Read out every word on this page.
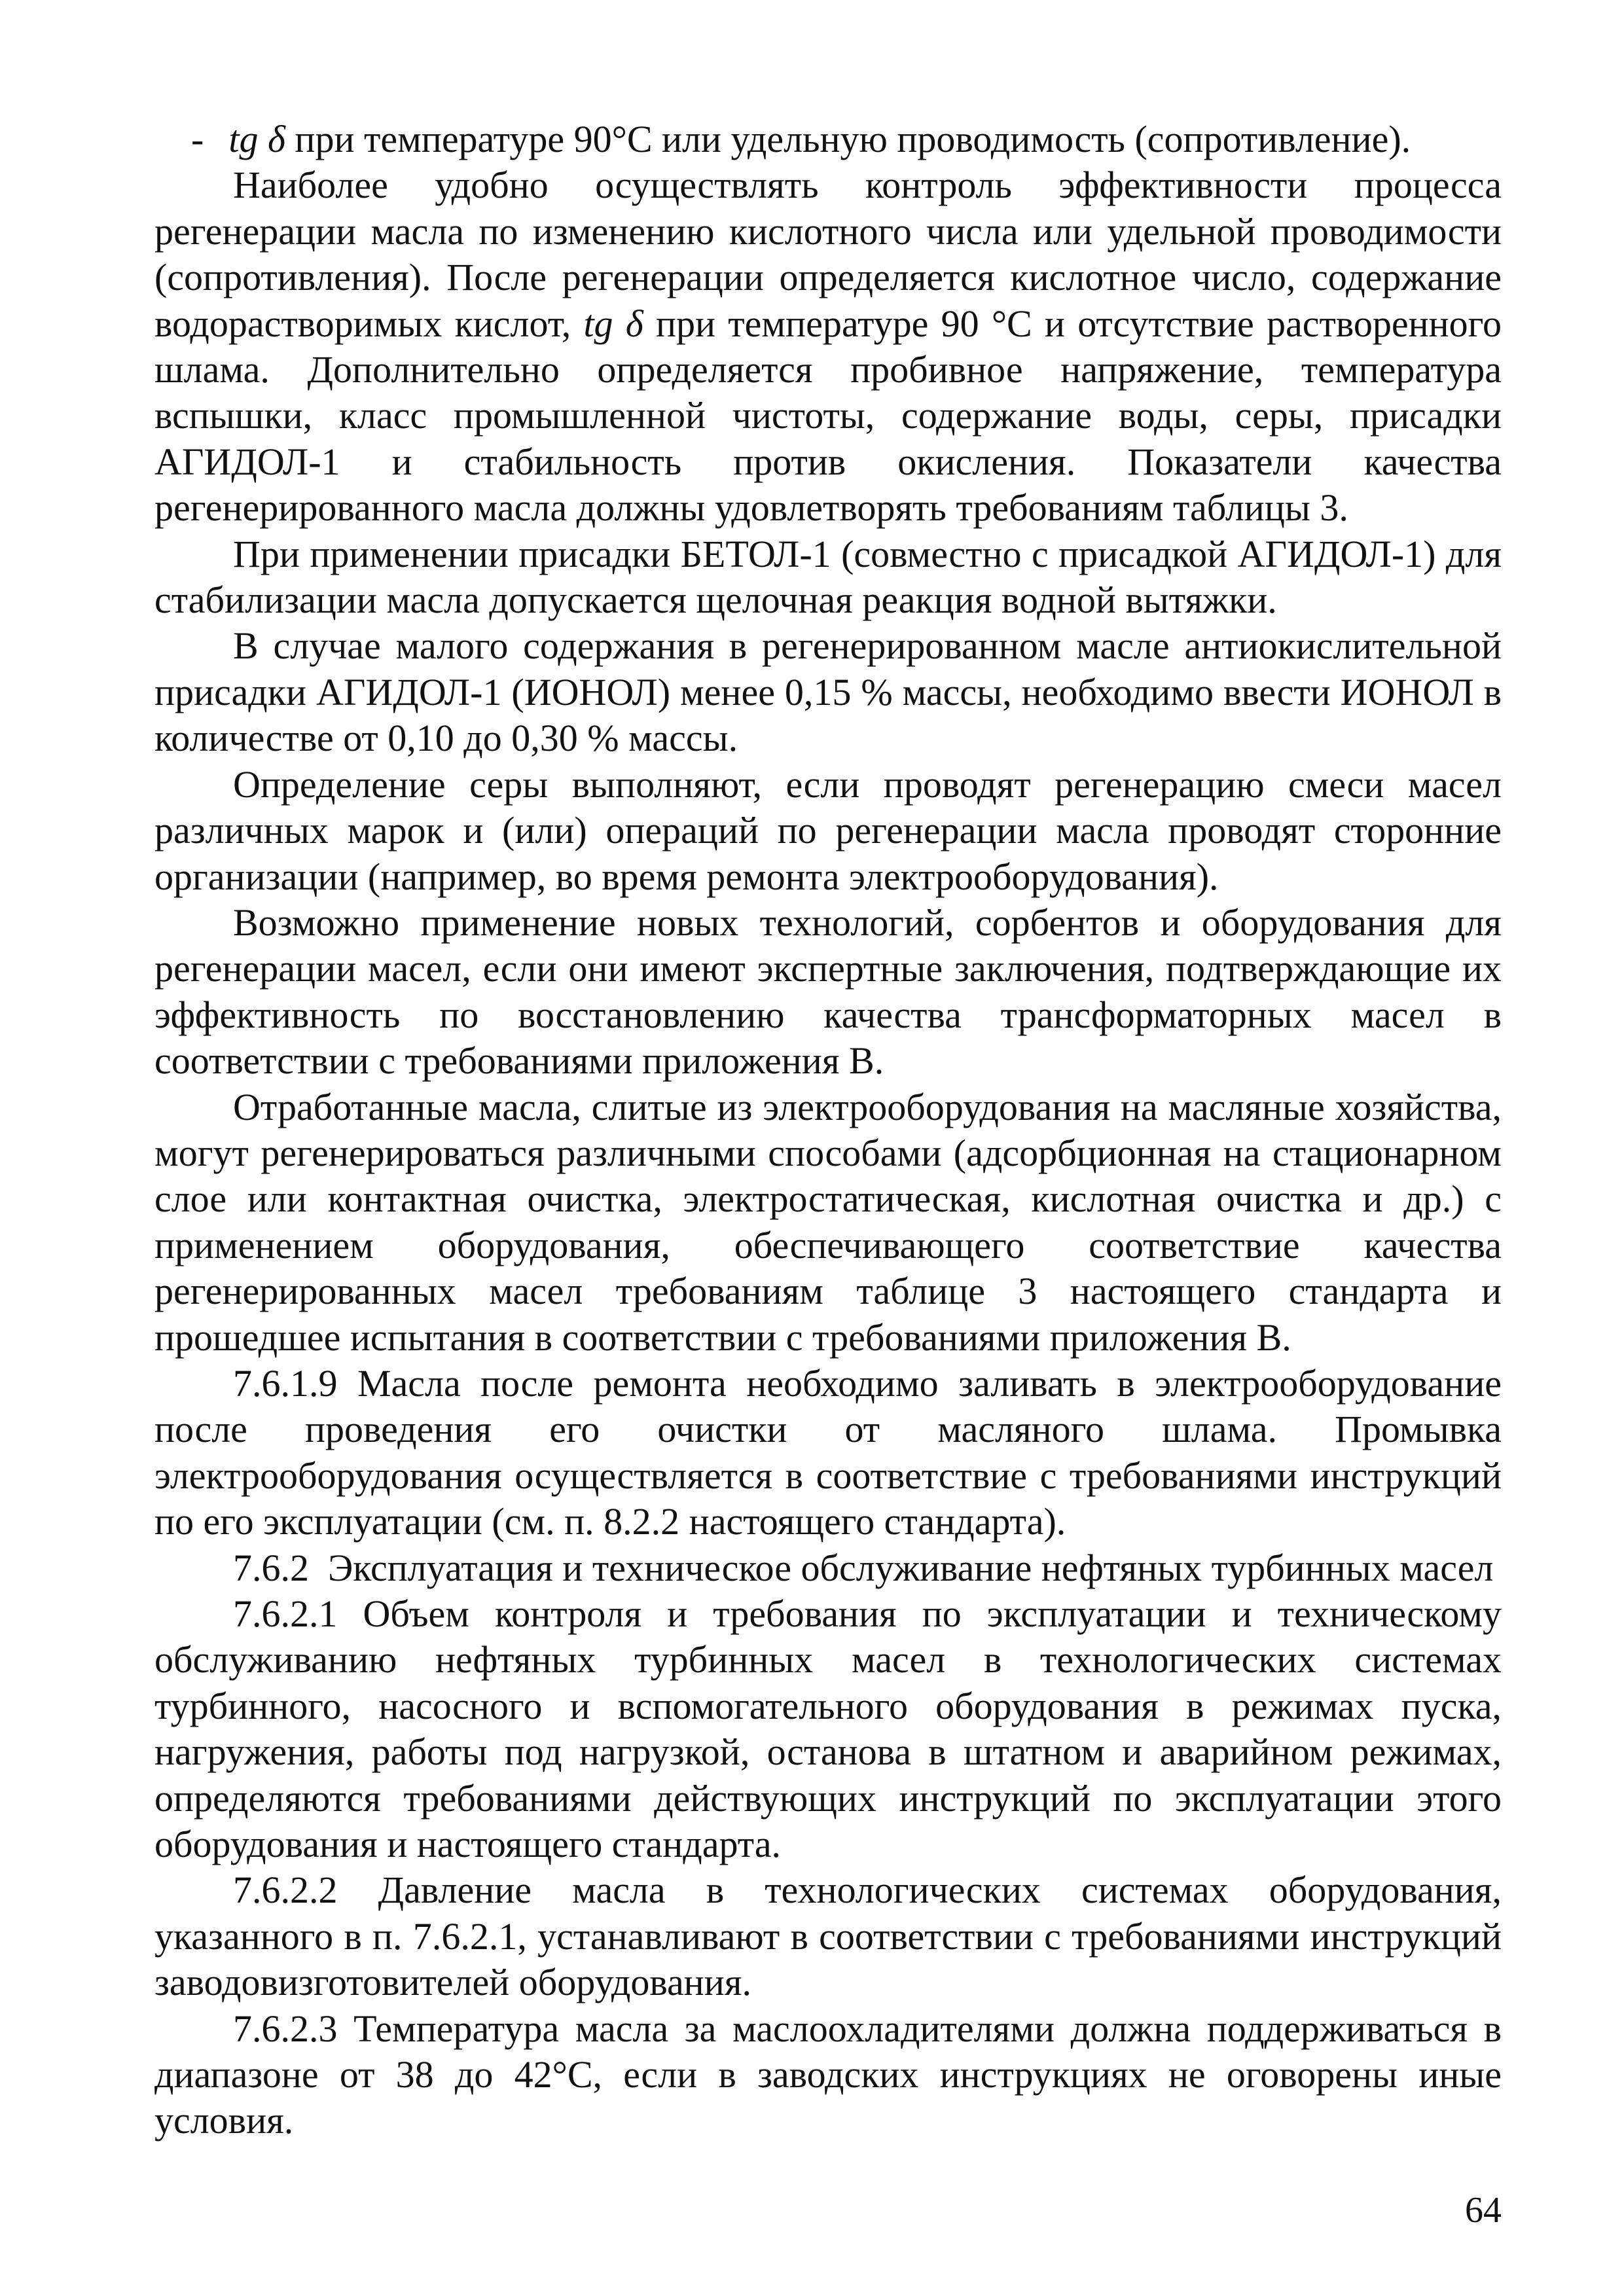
- tg δ при температуре 90°С или удельную проводимость (сопротивление).

Наиболее удобно осуществлять контроль эффективности процесса регенерации масла по изменению кислотного числа или удельной проводимости (сопротивления). После регенерации определяется кислотное число, содержание водорастворимых кислот, tg δ при температуре 90 °С и отсутствие растворенного шлама. Дополнительно определяется пробивное напряжение, температура вспышки, класс промышленной чистоты, содержание воды, серы, присадки АГИДОЛ-1 и стабильность против окисления. Показатели качества регенерированного масла должны удовлетворять требованиям таблицы 3.

При применении присадки БЕТОЛ-1 (совместно с присадкой АГИДОЛ-1) для стабилизации масла допускается щелочная реакция водной вытяжки.

В случае малого содержания в регенерированном масле антиокислительной присадки АГИДОЛ-1 (ИОНОЛ) менее 0,15 % массы, необходимо ввести ИОНОЛ в количестве от 0,10 до 0,30 % массы.

Определение серы выполняют, если проводят регенерацию смеси масел различных марок и (или) операций по регенерации масла проводят сторонние организации (например, во время ремонта электрооборудования).

Возможно применение новых технологий, сорбентов и оборудования для регенерации масел, если они имеют экспертные заключения, подтверждающие их эффективность по восстановлению качества трансформаторных масел в соответствии с требованиями приложения В.

Отработанные масла, слитые из электрооборудования на масляные хозяйства, могут регенерироваться различными способами (адсорбционная на стационарном слое или контактная очистка, электростатическая, кислотная очистка и др.) с применением оборудования, обеспечивающего соответствие качества регенерированных масел требованиям таблице 3 настоящего стандарта и прошедшее испытания в соответствии с требованиями приложения В.

7.6.1.9 Масла после ремонта необходимо заливать в электрооборудование после проведения его очистки от масляного шлама. Промывка электрооборудования осуществляется в соответствие с требованиями инструкций по его эксплуатации (см. п. 8.2.2 настоящего стандарта).

7.6.2  Эксплуатация и техническое обслуживание нефтяных турбинных масел

7.6.2.1 Объем контроля и требования по эксплуатации и техническому обслуживанию нефтяных турбинных масел в технологических системах турбинного, насосного и вспомогательного оборудования в режимах пуска, нагружения, работы под нагрузкой, останова в штатном и аварийном режимах, определяются требованиями действующих инструкций по эксплуатации этого оборудования и настоящего стандарта.

7.6.2.2 Давление масла в технологических системах оборудования, указанного в п. 7.6.2.1, устанавливают в соответствии с требованиями инструкций заводовизготовителей оборудования.

7.6.2.3 Температура масла за маслоохладителями должна поддерживаться в диапазоне от 38 до 42°С, если в заводских инструкциях не оговорены иные условия.

64
